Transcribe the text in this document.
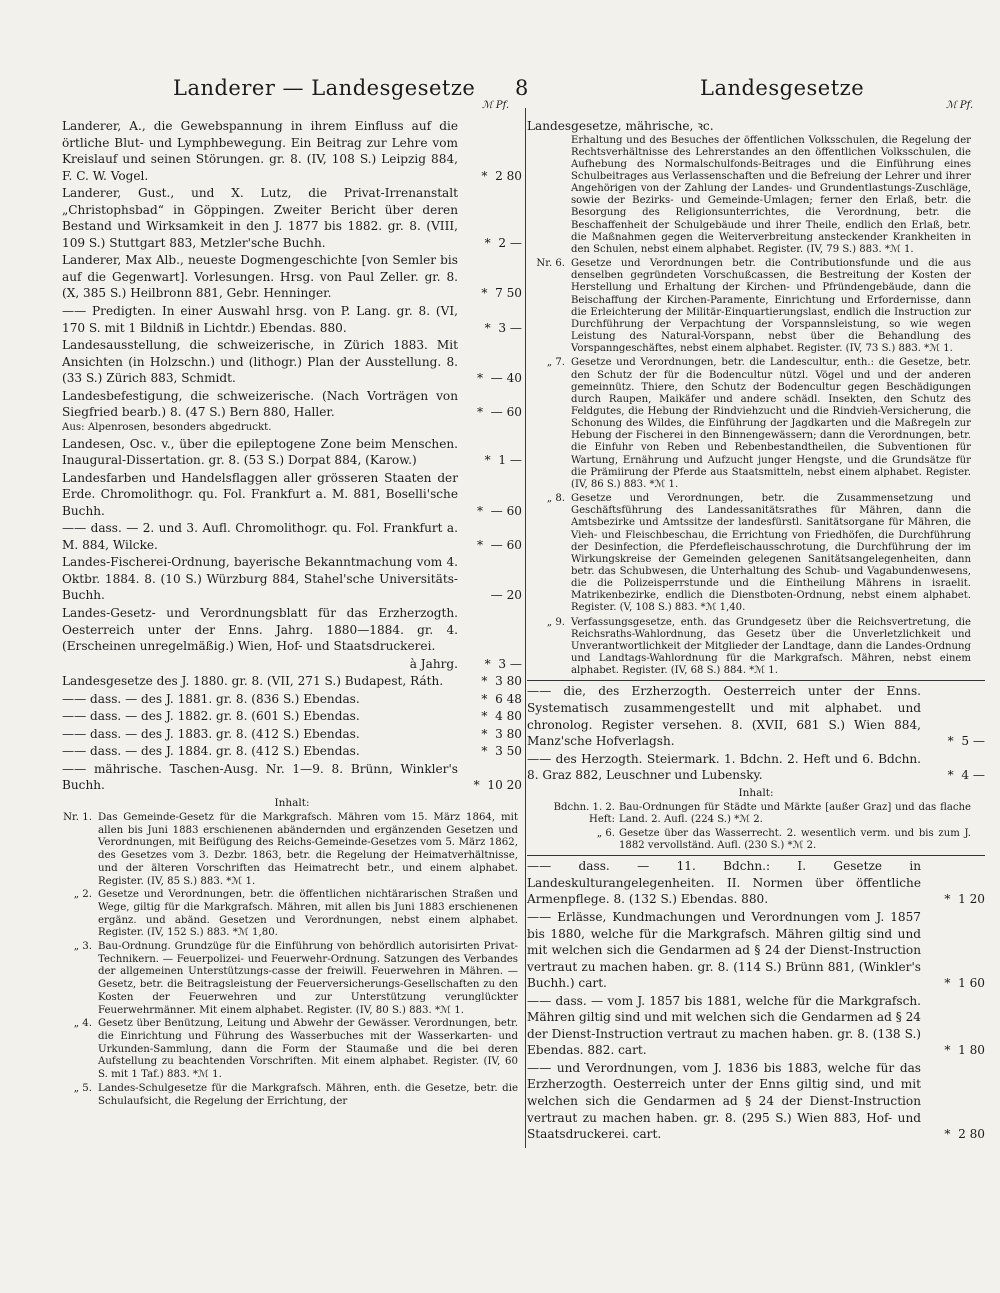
Landerer — Landesgesetze 8	Landesgesetze
ℳ Pf.	ℳ Pf.
Landerer, A., die Gewebspannung in ihrem Einfluss auf die örtliche Blut- und Lymphbewegung. Ein Beitrag zur Lehre vom Kreislauf und seinen Störungen. gr. 8. (IV, 108 S.) Leipzig 884, F. C. W. Vogel.	*  2 80
Landerer, Gust., und X. Lutz, die Privat-Irrenanstalt „Christophsbad“ in Göppingen. Zweiter Bericht über deren Bestand und Wirksamkeit in den J. 1877 bis 1882. gr. 8. (VIII, 109 S.) Stuttgart 883, Metzler'sche Buchh.	*  2 —
Landerer, Max Alb., neueste Dogmengeschichte [von Semler bis auf die Gegenwart]. Vorlesungen. Hrsg. von Paul Zeller. gr. 8. (X, 385 S.) Heilbronn 881, Gebr. Henninger.	*  7 50
—— Predigten. In einer Auswahl hrsg. von P. Lang. gr. 8. (VI, 170 S. mit 1 Bildniß in Lichtdr.) Ebendas. 880.	*  3 —
Landesausstellung, die schweizerische, in Zürich 1883. Mit Ansichten (in Holzschn.) und (lithogr.) Plan der Ausstellung. 8. (33 S.) Zürich 883, Schmidt.	*  — 40
Landesbefestigung, die schweizerische. (Nach Vorträgen von Siegfried bearb.) 8. (47 S.) Bern 880, Haller.	*  — 60
Aus: Alpenrosen, besonders abgedruckt.
Landesen, Osc. v., über die epileptogene Zone beim Menschen. Inaugural-Dissertation. gr. 8. (53 S.) Dorpat 884, (Karow.)	*  1 —
Landesfarben und Handelsflaggen aller grösseren Staaten der Erde. Chromolithogr. qu. Fol. Frankfurt a. M. 881, Boselli'sche Buchh.	*  — 60
—— dass. — 2. und 3. Aufl. Chromolithogr. qu. Fol. Frankfurt a. M. 884, Wilcke.	*  — 60
Landes-Fischerei-Ordnung, bayerische Bekanntmachung vom 4. Oktbr. 1884. 8. (10 S.) Würzburg 884, Stahel'sche Universitäts-Buchh.	— 20
Landes-Gesetz- und Verordnungsblatt für das Erzherzogth. Oesterreich unter der Enns. Jahrg. 1880—1884. gr. 4. (Erscheinen unregelmäßig.) Wien, Hof- und Staatsdruckerei.
à Jahrg.	*  3 —
Landesgesetze des J. 1880. gr. 8. (VII, 271 S.) Budapest, Ráth.	*  3 80
—— dass. — des J. 1881. gr. 8. (836 S.) Ebendas.	*  6 48
—— dass. — des J. 1882. gr. 8. (601 S.) Ebendas.	*  4 80
—— dass. — des J. 1883. gr. 8. (412 S.) Ebendas.	*  3 80
—— dass. — des J. 1884. gr. 8. (412 S.) Ebendas.	*  3 50
—— mährische. Taschen-Ausg. Nr. 1—9. 8. Brünn, Winkler's Buchh.	*  10 20
Inhalt:
Nr. 1. Das Gemeinde-Gesetz für die Markgrafsch. Mähren vom 15. März 1864, mit allen bis Juni 1883 erschienenen abändernden und ergänzenden Gesetzen und Verordnungen, mit Beifügung des Reichs-Gemeinde-Gesetzes vom 5. März 1862, des Gesetzes vom 3. Dezbr. 1863, betr. die Regelung der Heimatverhältnisse, und der älteren Vorschriften das Heimatrecht betr., und einem alphabet. Register. (IV, 85 S.) 883. *ℳ 1.
„ 2. Gesetze und Verordnungen, betr. die öffentlichen nichtärarischen Straßen und Wege, giltig für die Markgrafsch. Mähren, mit allen bis Juni 1883 erschienenen ergänz. und abänd. Gesetzen und Verordnungen, nebst einem alphabet. Register. (IV, 152 S.) 883. *ℳ 1,80.
„ 3. Bau-Ordnung. Grundzüge für die Einführung von behördlich autorisirten Privat-Technikern. — Feuerpolizei- und Feuerwehr-Ordnung. Satzungen des Verbandes der allgemeinen Unterstützungs-casse der freiwill. Feuerwehren in Mähren. — Gesetz, betr. die Beitragsleistung der Feuerversicherungs-Gesellschaften zu den Kosten der Feuerwehren und zur Unterstützung verunglückter Feuerwehrmänner. Mit einem alphabet. Register. (IV, 80 S.) 883. *ℳ 1.
„ 4. Gesetz über Benützung, Leitung und Abwehr der Gewässer. Verordnungen, betr. die Einrichtung und Führung des Wasserbuches mit der Wasserkarten- und Urkunden-Sammlung, dann die Form der Staumaße und die bei deren Aufstellung zu beachtenden Vorschriften. Mit einem alphabet. Register. (IV, 60 S. mit 1 Taf.) 883. *ℳ 1.
„ 5. Landes-Schulgesetze für die Markgrafsch. Mähren, enth. die Gesetze, betr. die Schulaufsicht, die Regelung der Errichtung, der
Landesgesetze, mährische, ꝛc.
Erhaltung und des Besuches der öffentlichen Volksschulen, die Regelung der Rechtsverhältnisse des Lehrerstandes an den öffentlichen Volksschulen, die Aufhebung des Normalschulfonds-Beitrages und die Einführung eines Schulbeitrages aus Verlassenschaften und die Befreiung der Lehrer und ihrer Angehörigen von der Zahlung der Landes- und Grundentlastungs-Zuschläge, sowie der Bezirks- und Gemeinde-Umlagen; ferner den Erlaß, betr. die Besorgung des Religionsunterrichtes, die Verordnung, betr. die Beschaffenheit der Schulgebäude und ihrer Theile, endlich den Erlaß, betr. die Maßnahmen gegen die Weiterverbreitung ansteckender Krankheiten in den Schulen, nebst einem alphabet. Register. (IV, 79 S.) 883. *ℳ 1.
Nr. 6. Gesetze und Verordnungen betr. die Contributionsfunde und die aus denselben gegründeten Vorschußcassen, die Bestreitung der Kosten der Herstellung und Erhaltung der Kirchen- und Pfründengebäude, dann die Beischaffung der Kirchen-Paramente, Einrichtung und Erfordernisse, dann die Erleichterung der Militär-Einquartierungslast, endlich die Instruction zur Durchführung der Verpachtung der Vorspannsleistung, so wie wegen Leistung des Natural-Vorspann, nebst über die Behandlung des Vorspanngeschäftes, nebst einem alphabet. Register. (IV, 73 S.) 883. *ℳ 1.
„ 7. Gesetze und Verordnungen, betr. die Landescultur, enth.: die Gesetze, betr. den Schutz der für die Bodencultur nützl. Vögel und und der anderen gemeinnütz. Thiere, den Schutz der Bodencultur gegen Beschädigungen durch Raupen, Maikäfer und andere schädl. Insekten, den Schutz des Feldgutes, die Hebung der Rindviehzucht und die Rindvieh-Versicherung, die Schonung des Wildes, die Einführung der Jagdkarten und die Maßregeln zur Hebung der Fischerei in den Binnengewässern; dann die Verordnungen, betr. die Einfuhr von Reben und Rebenbestandtheilen, die Subventionen für Wartung, Ernährung und Aufzucht junger Hengste, und die Grundsätze für die Prämiirung der Pferde aus Staatsmitteln, nebst einem alphabet. Register. (IV, 86 S.) 883. *ℳ 1.
„ 8. Gesetze und Verordnungen, betr. die Zusammensetzung und Geschäftsführung des Landessanitätsrathes für Mähren, dann die Amtsbezirke und Amtssitze der landesfürstl. Sanitätsorgane für Mähren, die Vieh- und Fleischbeschau, die Errichtung von Friedhöfen, die Durchführung der Desinfection, die Pferdefleischausschrotung, die Durchführung der im Wirkungskreise der Gemeinden gelegenen Sanitätsangelegenheiten, dann betr. das Schubwesen, die Unterhaltung des Schub- und Vagabundenwesens, die die Polizeisperrstunde und die Eintheilung Mährens in israelit. Matrikenbezirke, endlich die Dienstboten-Ordnung, nebst einem alphabet. Register. (V, 108 S.) 883. *ℳ 1,40.
„ 9. Verfassungsgesetze, enth. das Grundgesetz über die Reichsvertretung, die Reichsraths-Wahlordnung, das Gesetz über die Unverletzlichkeit und Unverantwortlichkeit der Mitglieder der Landtage, dann die Landes-Ordnung und Landtags-Wahlordnung für die Markgrafsch. Mähren, nebst einem alphabet. Register. (IV, 68 S.) 884. *ℳ 1.
—— die, des Erzherzogth. Oesterreich unter der Enns. Systematisch zusammengestellt und mit alphabet. und chronolog. Register versehen. 8. (XVII, 681 S.) Wien 884, Manz'sche Hofverlagsh.	*  5 —
—— des Herzogth. Steiermark. 1. Bdchn. 2. Heft und 6. Bdchn. 8. Graz 882, Leuschner und Lubensky.	*  4 —
Inhalt:
Bdchn. 1. 2. Heft:
Bau-Ordnungen für Städte und Märkte [außer Graz] und das flache Land. 2. Aufl. (224 S.) *ℳ 2.
„ 6. Gesetze über das Wasserrecht. 2. wesentlich verm. und bis zum J. 1882 vervollständ. Aufl. (230 S.) *ℳ 2.
—— dass. — 11. Bdchn.: I. Gesetze in Landeskulturangelegenheiten. II. Normen über öffentliche Armenpflege. 8. (132 S.) Ebendas. 880.	*  1 20
—— Erlässe, Kundmachungen und Verordnungen vom J. 1857 bis 1880, welche für die Markgrafsch. Mähren giltig sind und mit welchen sich die Gendarmen ad § 24 der Dienst-Instruction vertraut zu machen haben. gr. 8. (114 S.) Brünn 881, (Winkler's Buchh.) cart.	*  1 60
—— dass. — vom J. 1857 bis 1881, welche für die Markgrafsch. Mähren giltig sind und mit welchen sich die Gendarmen ad § 24 der Dienst-Instruction vertraut zu machen haben. gr. 8. (138 S.) Ebendas. 882. cart.	*  1 80
—— und Verordnungen, vom J. 1836 bis 1883, welche für das Erzherzogth. Oesterreich unter der Enns giltig sind, und mit welchen sich die Gendarmen ad § 24 der Dienst-Instruction vertraut zu machen haben. gr. 8. (295 S.) Wien 883, Hof- und Staatsdruckerei. cart.	*  2 80
